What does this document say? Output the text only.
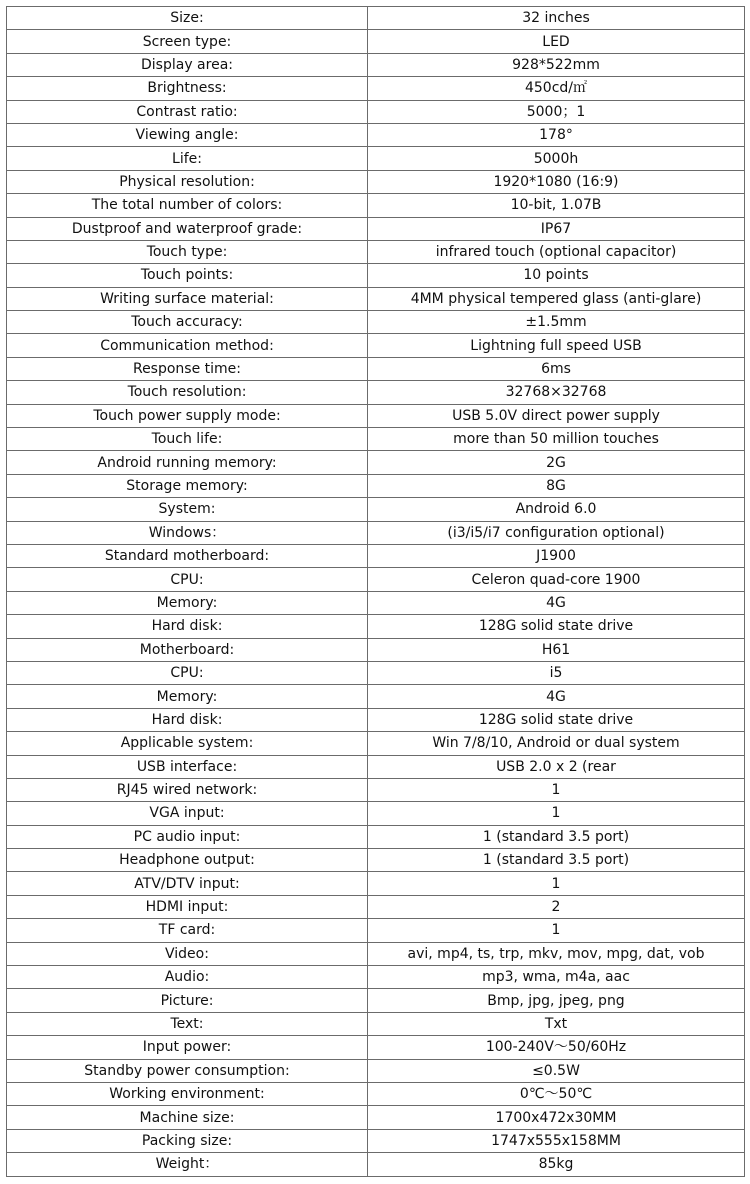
Size:	32 inches
Screen type:	LED
Display area:	928*522mm
Brightness:	450cd/㎡
Contrast ratio:	5000；1
Viewing angle:	178°
Life:	5000h
Physical resolution:	1920*1080 (16:9)
The total number of colors:	10-bit, 1.07B
Dustproof and waterproof grade:	IP67
Touch type:	infrared touch (optional capacitor)
Touch points:	10 points
Writing surface material:	4MM physical tempered glass (anti-glare)
Touch accuracy:	±1.5mm
Communication method:	Lightning full speed USB
Response time:	6ms
Touch resolution:	32768×32768
Touch power supply mode:	USB 5.0V direct power supply
Touch life:	more than 50 million touches
Android running memory:	2G
Storage memory:	8G
System:	Android 6.0
Windows：	(i3/i5/i7 configuration optional)
Standard motherboard:	J1900
CPU:	Celeron quad-core 1900
Memory:	4G
Hard disk:	128G solid state drive
Motherboard:	H61
CPU:	i5
Memory:	4G
Hard disk:	128G solid state drive
Applicable system:	Win 7/8/10, Android or dual system
USB interface:	USB 2.0 x 2 (rear
RJ45 wired network:	1
VGA input:	1
PC audio input:	1 (standard 3.5 port)
Headphone output:	1 (standard 3.5 port)
ATV/DTV input:	1
HDMI input:	2
TF card:	1
Video:	avi, mp4, ts, trp, mkv, mov, mpg, dat, vob
Audio:	mp3, wma, m4a, aac
Picture:	Bmp, jpg, jpeg, png
Text:	Txt
Input power:	100-240V～50/60Hz
Standby power consumption:	≤0.5W
Working environment:	0℃～50℃
Machine size:	1700x472x30MM
Packing size:	1747x555x158MM
Weight：	85kg
